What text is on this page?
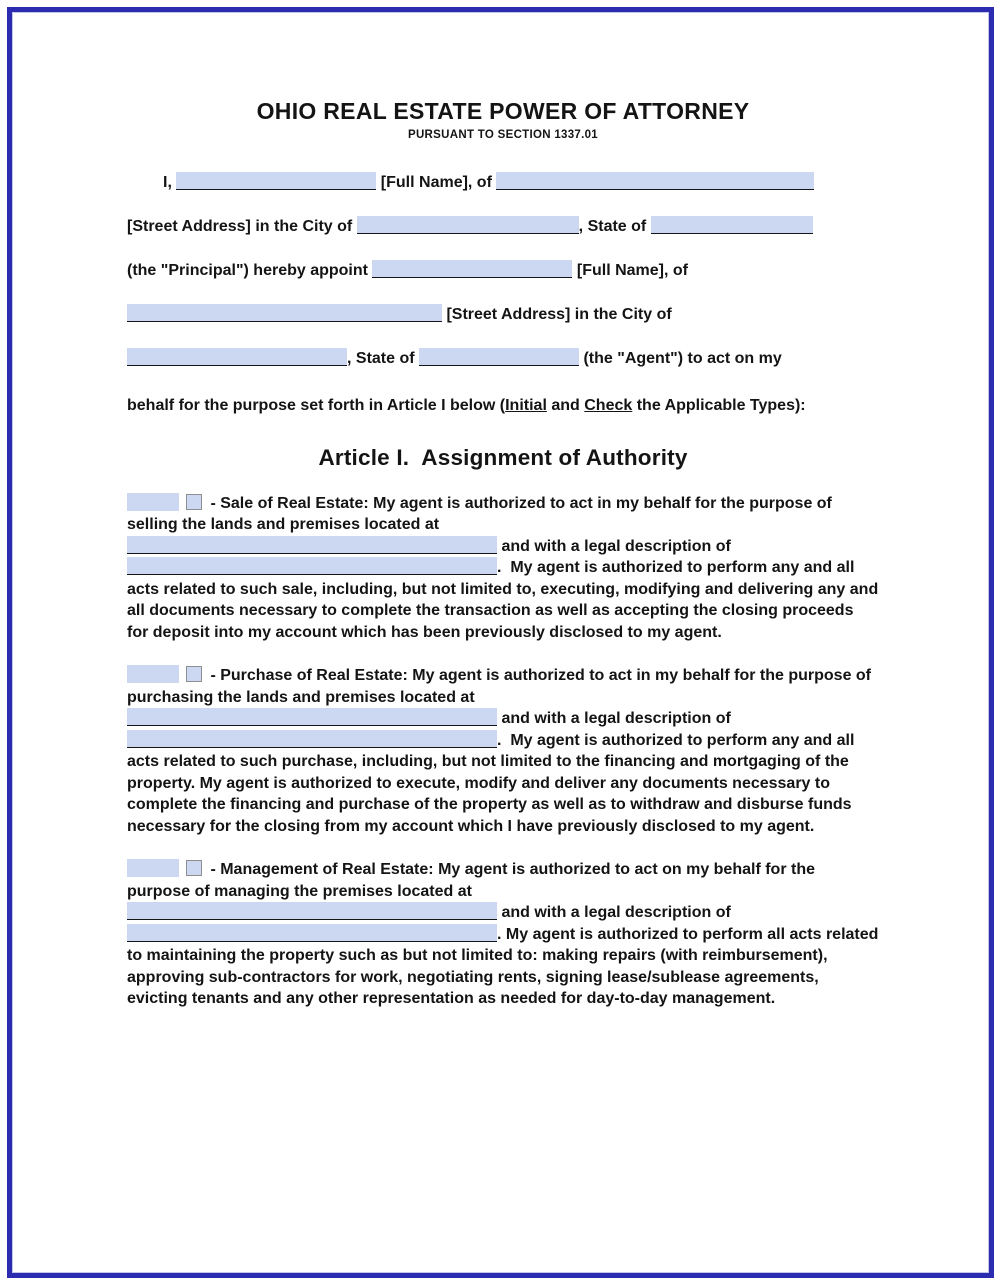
OHIO REAL ESTATE POWER OF ATTORNEY
PURSUANT TO SECTION 1337.01
I,	[Full Name], of
[Street Address] in the City of	, State of
(the "Principal") hereby appoint	[Full Name], of
[Street Address] in the City of
, State of	(the "Agent") to act on my
behalf for the purpose set forth in Article I below (Initial and Check the Applicable Types):
Article I.  Assignment of Authority
- Sale of Real Estate: My agent is authorized to act in my behalf for the purpose of selling the lands and premises located at
and with a legal description of
.  My agent is authorized to perform any and all acts related to such sale, including, but not limited to, executing, modifying and delivering any and all documents necessary to complete the transaction as well as accepting the closing proceeds for deposit into my account which has been previously disclosed to my agent.
- Purchase of Real Estate: My agent is authorized to act in my behalf for the purpose of purchasing the lands and premises located at
and with a legal description of
.  My agent is authorized to perform any and all acts related to such purchase, including, but not limited to the financing and mortgaging of the property. My agent is authorized to execute, modify and deliver any documents necessary to complete the financing and purchase of the property as well as to withdraw and disburse funds necessary for the closing from my account which I have previously disclosed to my agent.
- Management of Real Estate: My agent is authorized to act on my behalf for the purpose of managing the premises located at
and with a legal description of
. My agent is authorized to perform all acts related to maintaining the property such as but not limited to: making repairs (with reimbursement), approving sub-contractors for work, negotiating rents, signing lease/sublease agreements, evicting tenants and any other representation as needed for day-to-day management.
